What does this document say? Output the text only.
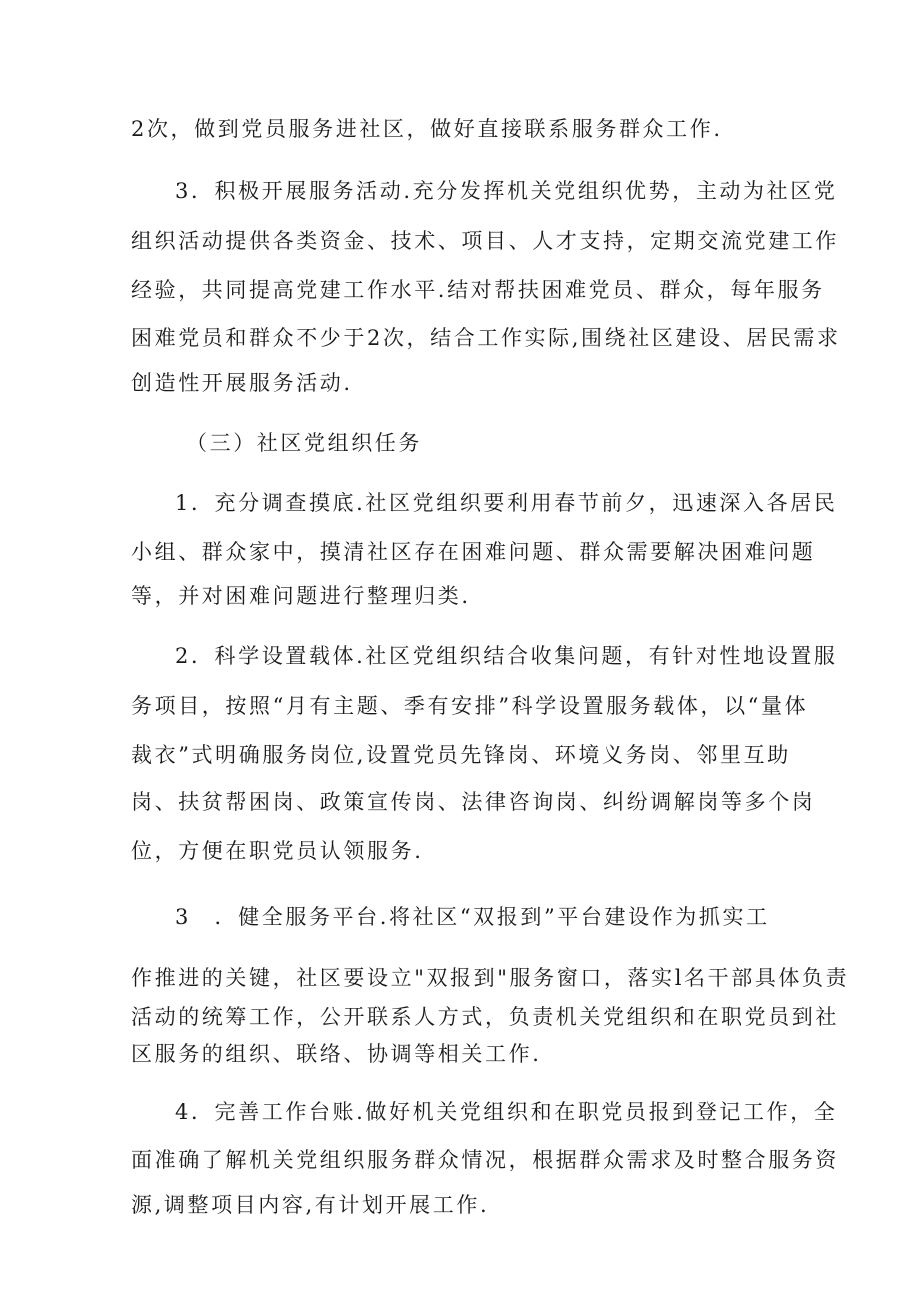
2次，做到党员服务进社区，做好直接联系服务群众工作.
3．积极开展服务活动.充分发挥机关党组织优势，主动为社区党
组织活动提供各类资金、技术、项目、人才支持，定期交流党建工作
经验，共同提高党建工作水平.结对帮扶困难党员、群众，每年服务
困难党员和群众不少于2次，结合工作实际,围绕社区建设、居民需求
创造性开展服务活动.
（三）社区党组织任务
1．充分调查摸底.社区党组织要利用春节前夕，迅速深入各居民
小组、群众家中，摸清社区存在困难问题、群众需要解决困难问题
等，并对困难问题进行整理归类.
2．科学设置载体.社区党组织结合收集问题，有针对性地设置服
务项目，按照“月有主题、季有安排”科学设置服务载体，以“量体
裁衣”式明确服务岗位,设置党员先锋岗、环境义务岗、邻里互助
岗、扶贫帮困岗、政策宣传岗、法律咨询岗、纠纷调解岗等多个岗
位，方便在职党员认领服务.
3　．健全服务平台.将社区“双报到”平台建设作为抓实工
作推进的关键，社区要设立"双报到"服务窗口，落实l名干部具体负责
活动的统筹工作，公开联系人方式，负责机关党组织和在职党员到社
区服务的组织、联络、协调等相关工作.
4．完善工作台账.做好机关党组织和在职党员报到登记工作，全
面准确了解机关党组织服务群众情况，根据群众需求及时整合服务资
源,调整项目内容,有计划开展工作.
